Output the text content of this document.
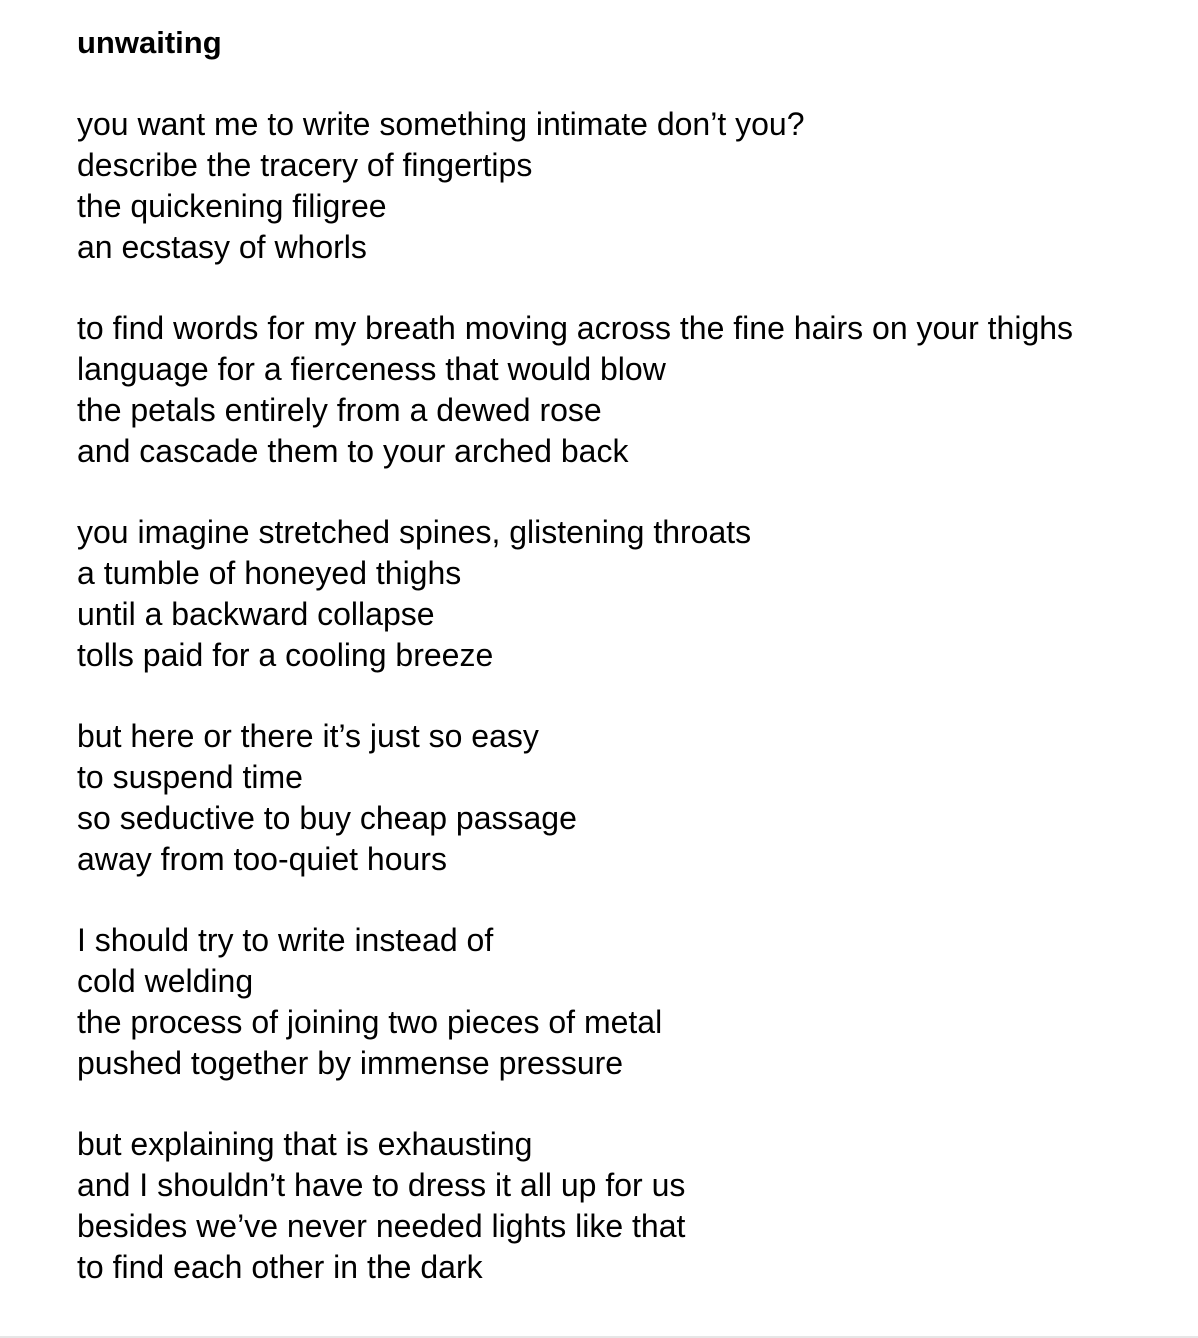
unwaiting
you want me to write something intimate don’t you?
describe the tracery of fingertips
the quickening filigree
an ecstasy of whorls
to find words for my breath moving across the fine hairs on your thighs
language for a fierceness that would blow
the petals entirely from a dewed rose
and cascade them to your arched back
you imagine stretched spines, glistening throats
a tumble of honeyed thighs
until a backward collapse
tolls paid for a cooling breeze
but here or there it’s just so easy
to suspend time
so seductive to buy cheap passage
away from too-quiet hours
I should try to write instead of
cold welding
the process of joining two pieces of metal
pushed together by immense pressure
but explaining that is exhausting
and I shouldn’t have to dress it all up for us
besides we’ve never needed lights like that
to find each other in the dark
